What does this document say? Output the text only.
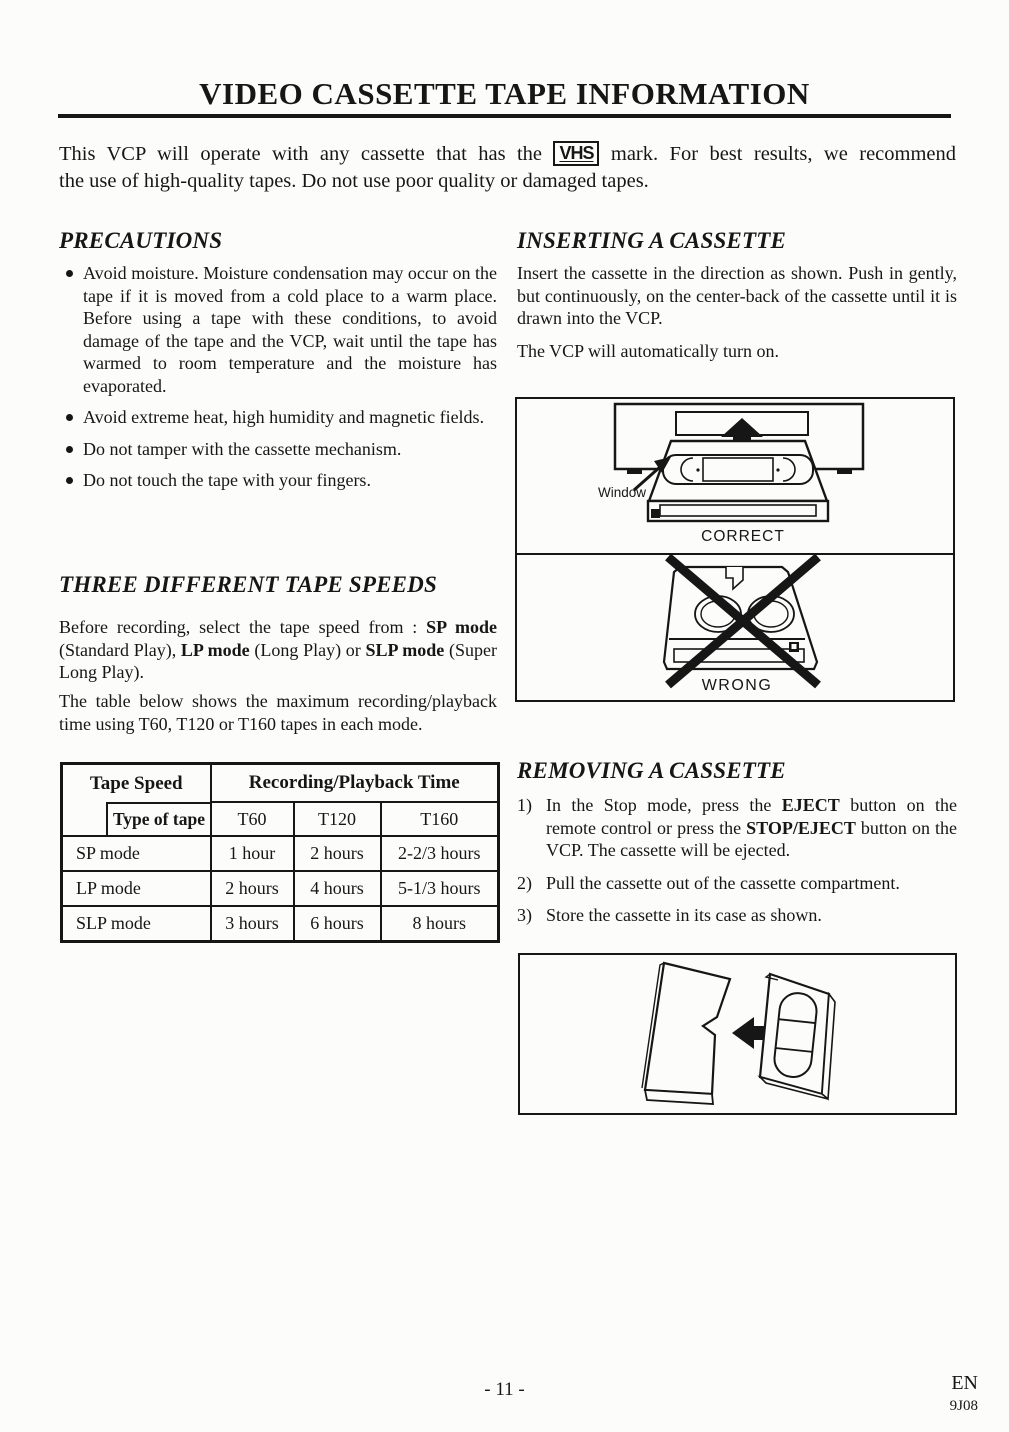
VIDEO CASSETTE TAPE INFORMATION
This VCP will operate with any cassette that has the VHS mark. For best results, we recommend
the use of high-quality tapes. Do not use poor quality or damaged tapes.
PRECAUTIONS
Avoid moisture. Moisture condensation may occur on the tape if it is moved from a cold place to a warm place. Before using a tape with these conditions, to avoid damage of the tape and the VCP, wait until the tape has warmed to room temperature and the moisture has evaporated.
Avoid extreme heat, high humidity and magnetic fields.
Do not tamper with the cassette mechanism.
Do not touch the tape with your fingers.
THREE DIFFERENT TAPE SPEEDS
Before recording, select the tape speed from : SP mode (Standard Play), LP mode (Long Play) or SLP mode (Super Long Play).
The table below shows the maximum recording/playback time using T60, T120 or T160 tapes in each mode.
Tape Speed	Recording/Playback Time		

Type of tape	T60	T120	T160
SP mode	1 hour	2 hours	2-2/3 hours
LP mode	2 hours	4 hours	5-1/3 hours
SLP mode	3 hours	6 hours	8 hours
INSERTING A CASSETTE
Insert the cassette in the direction as shown. Push in gently, but continuously, on the center-back of the cassette until it is drawn into the VCP.
The VCP will automatically turn on.
Window
CORRECT
WRONG
REMOVING A CASSETTE
1) In the Stop mode, press the EJECT button on the remote control or press the STOP/EJECT button on the VCP. The cassette will be ejected.
2) Pull the cassette out of the cassette compartment.
3) Store the cassette in its case as shown.
- 11 -	EN
9J08
